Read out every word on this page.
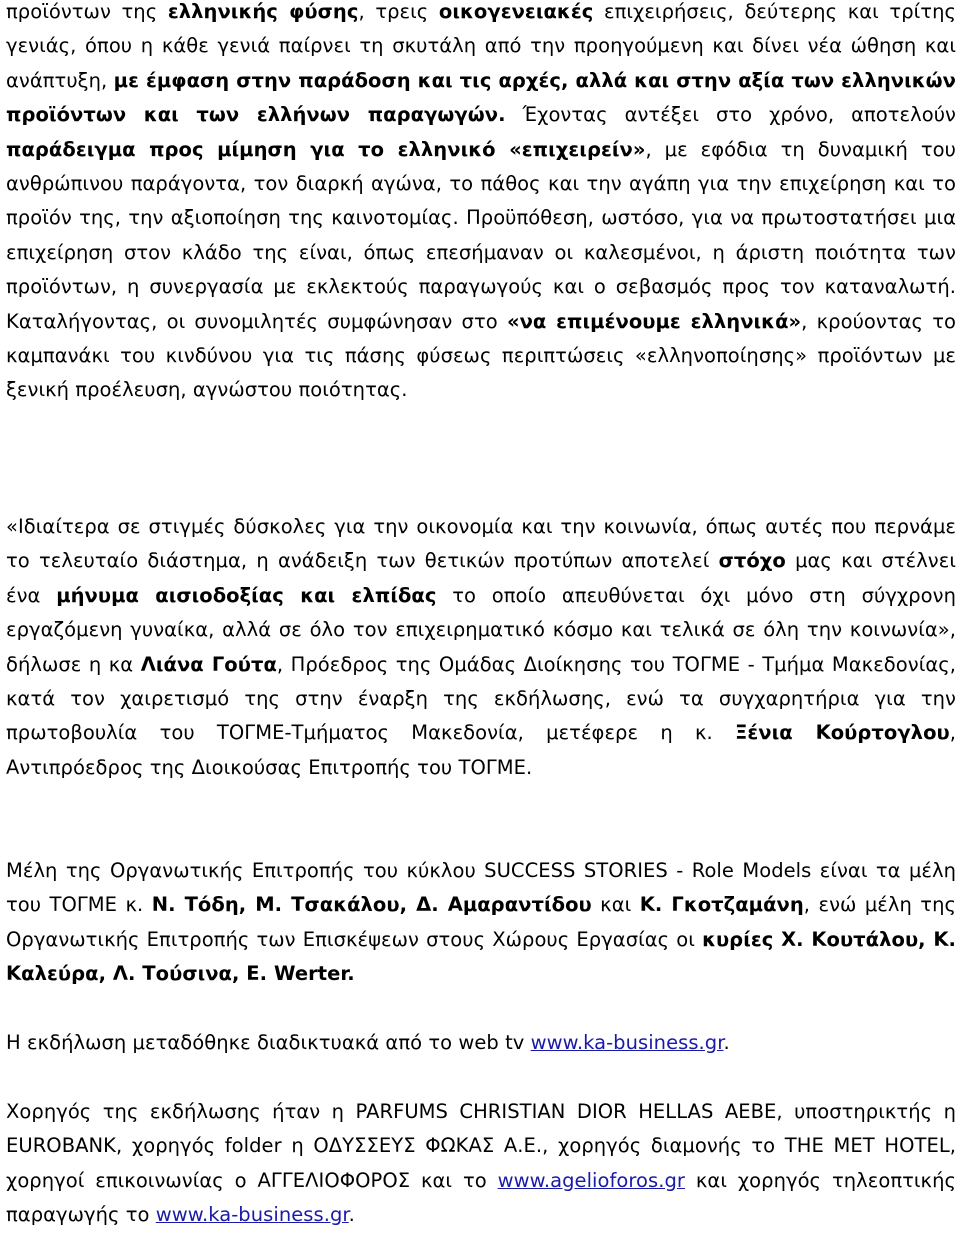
προϊόντων της ελληνικής φύσης, τρεις οικογενειακές επιχειρήσεις, δεύτερης και τρίτης γενιάς, όπου η κάθε γενιά παίρνει τη σκυτάλη από την προηγούμενη και δίνει νέα ώθηση και ανάπτυξη, με έμφαση στην παράδοση και τις αρχές, αλλά και στην αξία των ελληνικών προϊόντων και των ελλήνων παραγωγών. Έχοντας αντέξει στο χρόνο, αποτελούν παράδειγμα προς μίμηση για το ελληνικό «επιχειρείν», με εφόδια τη δυναμική του ανθρώπινου παράγοντα, τον διαρκή αγώνα, το πάθος και την αγάπη για την επιχείρηση και το προϊόν της, την αξιοποίηση της καινοτομίας. Προϋπόθεση, ωστόσο, για να πρωτοστατήσει μια επιχείρηση στον κλάδο της είναι, όπως επεσήμαναν οι καλεσμένοι, η άριστη ποιότητα των προϊόντων, η συνεργασία με εκλεκτούς παραγωγούς και ο σεβασμός προς τον καταναλωτή. Καταλήγοντας, οι συνομιλητές συμφώνησαν στο «να επιμένουμε ελληνικά», κρούοντας το καμπανάκι του κινδύνου για τις πάσης φύσεως περιπτώσεις «ελληνοποίησης» προϊόντων με ξενική προέλευση, αγνώστου ποιότητας.

«Ιδιαίτερα σε στιγμές δύσκολες για την οικονομία και την κοινωνία, όπως αυτές που περνάμε το τελευταίο διάστημα, η ανάδειξη των θετικών προτύπων αποτελεί στόχο μας και στέλνει ένα μήνυμα αισιοδοξίας και ελπίδας το οποίο απευθύνεται όχι μόνο στη σύγχρονη εργαζόμενη γυναίκα, αλλά σε όλο τον επιχειρηματικό κόσμο και τελικά σε όλη την κοινωνία», δήλωσε η κα Λιάνα Γούτα, Πρόεδρος της Ομάδας Διοίκησης του ΤΟΓΜΕ - Τμήμα Μακεδονίας, κατά τον χαιρετισμό της στην έναρξη της εκδήλωσης, ενώ τα συγχαρητήρια για την πρωτοβουλία του ΤΟΓΜΕ-Τμήματος Μακεδονία, μετέφερε η κ. Ξένια Κούρτογλου, Αντιπρόεδρος της Διοικούσας Επιτροπής του ΤΟΓΜΕ.

Μέλη της Οργανωτικής Επιτροπής του κύκλου SUCCESS STORIES - Role Models είναι τα μέλη του ΤΟΓΜΕ κ. Ν. Τόδη, Μ. Τσακάλου, Δ. Αμαραντίδου και Κ. Γκοτζαμάνη, ενώ μέλη της Οργανωτικής Επιτροπής των Επισκέψεων στους Χώρους Εργασίας οι κυρίες Χ. Κουτάλου, Κ. Καλεύρα, Λ. Τούσινα, Ε. Werter.

Η εκδήλωση μεταδόθηκε διαδικτυακά από το web tv www.ka-business.gr.

Χορηγός της εκδήλωσης ήταν η PARFUMS CHRISTIAN DIOR HELLAS AEBE, υποστηρικτής η EUROBANK, χορηγός folder η ΟΔΥΣΣΕΥΣ ΦΩΚΑΣ Α.Ε., χορηγός διαμονής το THE MET HOTEL, χορηγοί επικοινωνίας ο ΑΓΓΕΛΙΟΦΟΡΟΣ και το www.agelioforos.gr και χορηγός τηλεοπτικής παραγωγής το www.ka-business.gr.
